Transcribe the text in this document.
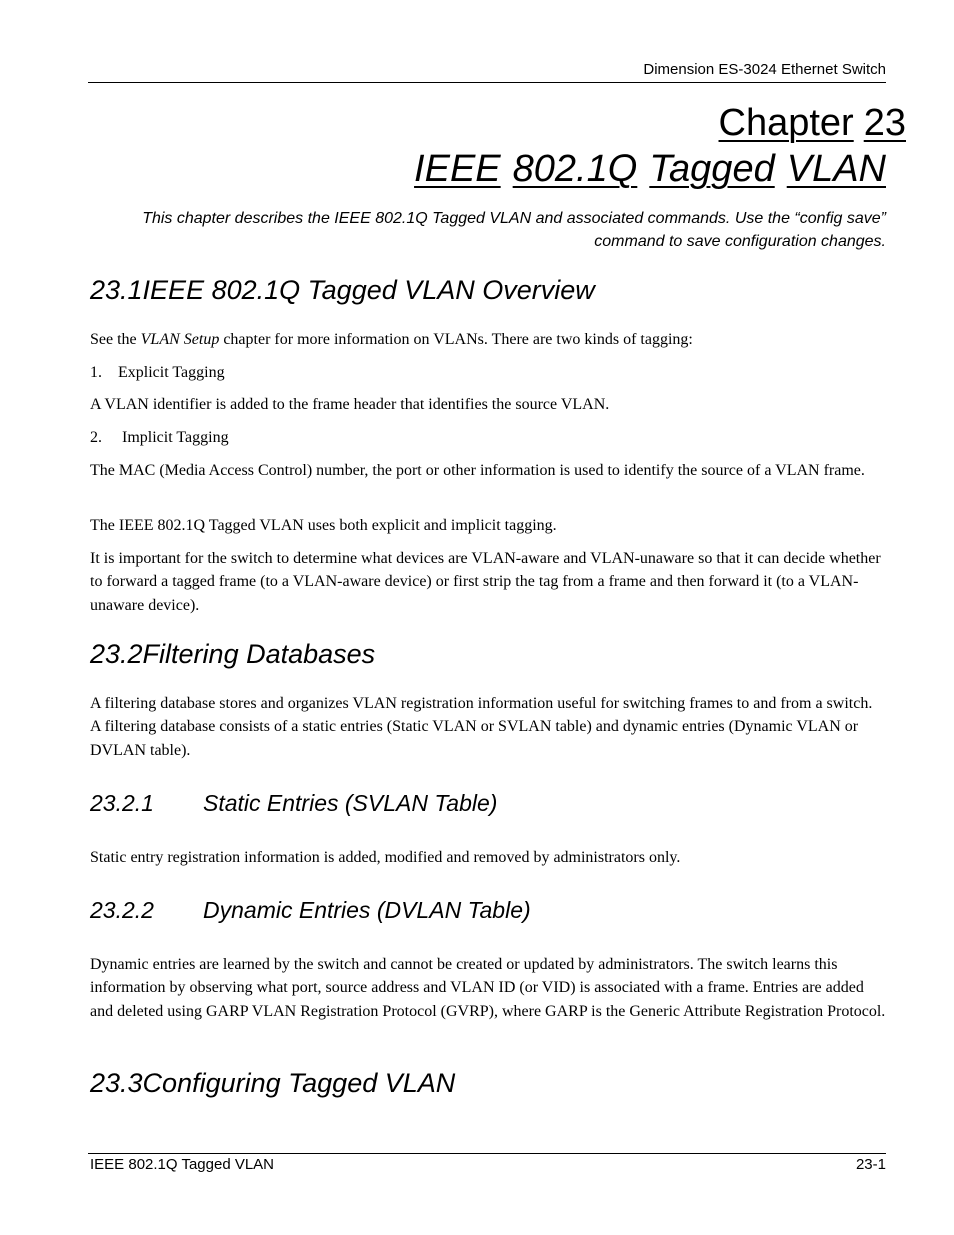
Dimension ES-3024 Ethernet Switch
Chapter 23
IEEE 802.1Q Tagged VLAN
This chapter describes the IEEE 802.1Q Tagged VLAN and associated commands. Use the “config save” command to save configuration changes.
23.1IEEE 802.1Q Tagged VLAN Overview

See the VLAN Setup chapter for more information on VLANs. There are two kinds of tagging:

1. Explicit Tagging

A VLAN identifier is added to the frame header that identifies the source VLAN.

2. Implicit Tagging

The MAC (Media Access Control) number, the port or other information is used to identify the source of a VLAN frame.

The IEEE 802.1Q Tagged VLAN uses both explicit and implicit tagging.

It is important for the switch to determine what devices are VLAN-aware and VLAN-unaware so that it can decide whether to forward a tagged frame (to a VLAN-aware device) or first strip the tag from a frame and then forward it (to a VLAN-unaware device).

23.2Filtering Databases

A filtering database stores and organizes VLAN registration information useful for switching frames to and from a switch. A filtering database consists of a static entries (Static VLAN or SVLAN table) and dynamic entries (Dynamic VLAN or DVLAN table).

23.2.1 Static Entries (SVLAN Table)

Static entry registration information is added, modified and removed by administrators only.

23.2.2 Dynamic Entries (DVLAN Table)

Dynamic entries are learned by the switch and cannot be created or updated by administrators. The switch learns this information by observing what port, source address and VLAN ID (or VID) is associated with a frame. Entries are added and deleted using GARP VLAN Registration Protocol (GVRP), where GARP is the Generic Attribute Registration Protocol.

23.3Configuring Tagged VLAN
IEEE 802.1Q Tagged VLAN	23-1
